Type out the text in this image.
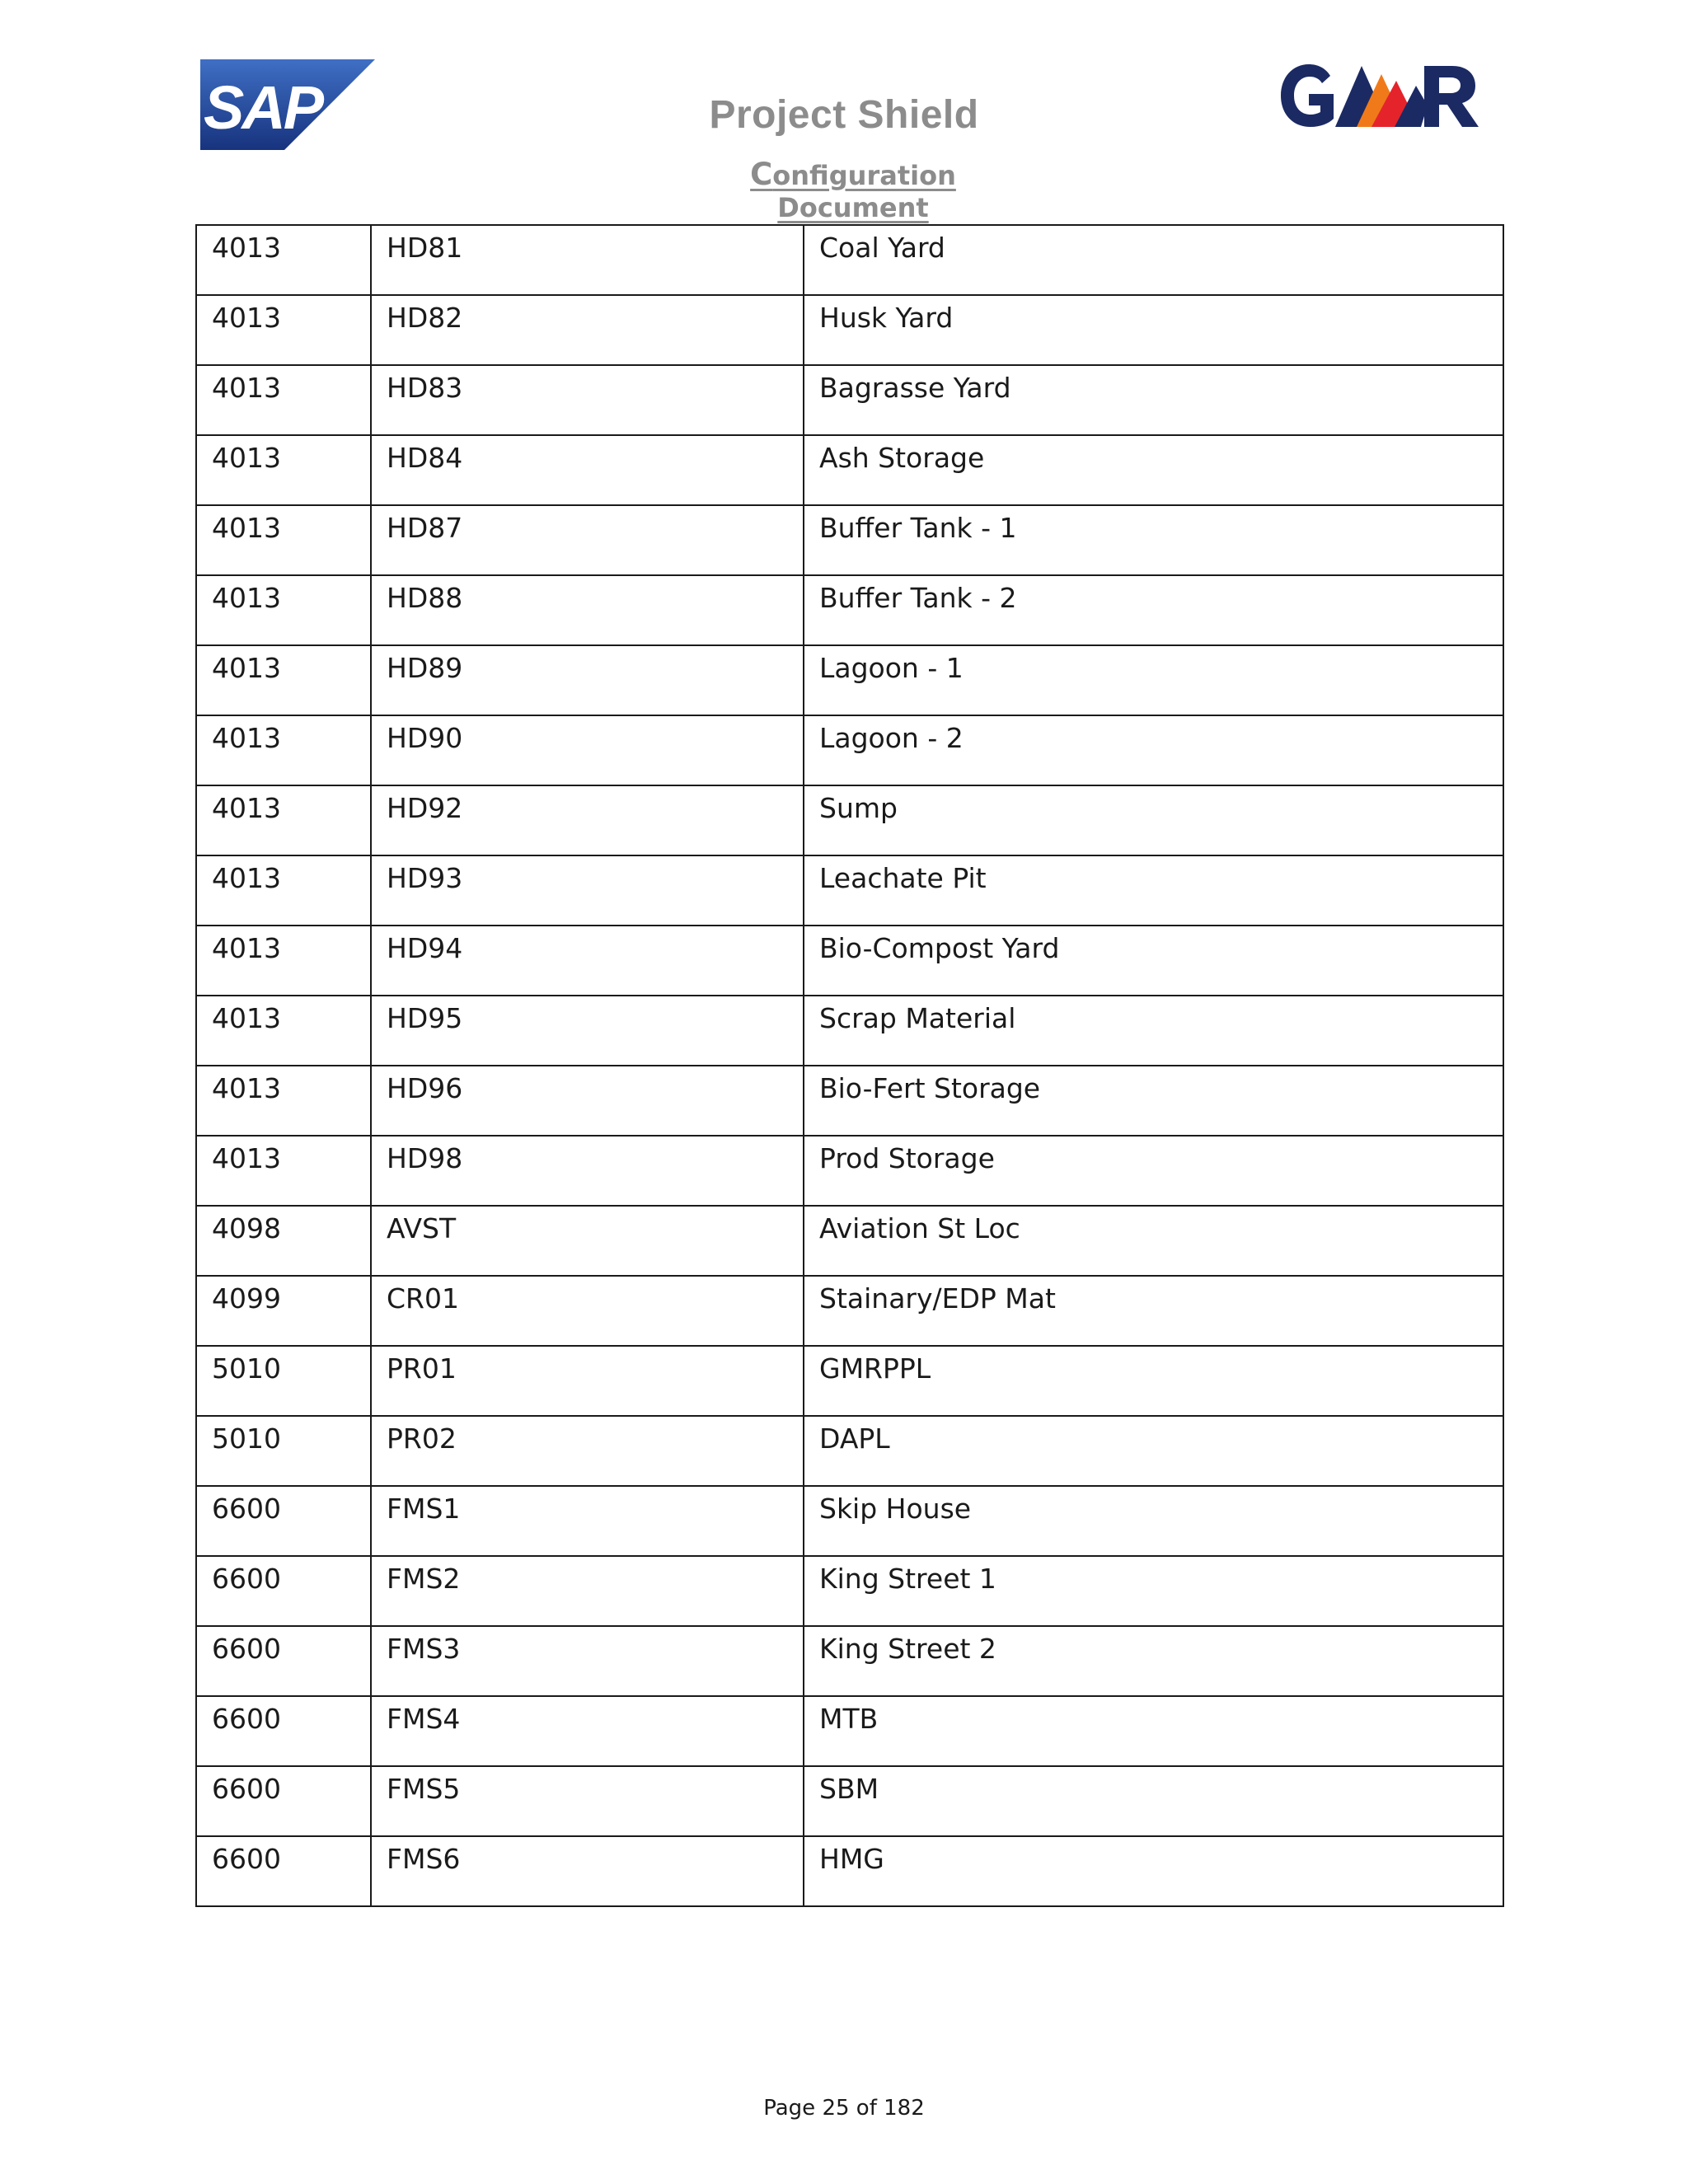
SAP	Project Shield
Configuration Document
4013	HD81	Coal Yard

4013	HD82	Husk Yard

4013	HD83	Bagrasse Yard

4013	HD84	Ash Storage

4013	HD87	Buffer Tank - 1

4013	HD88	Buffer Tank - 2

4013	HD89	Lagoon - 1

4013	HD90	Lagoon - 2

4013	HD92	Sump

4013	HD93	Leachate Pit

4013	HD94	Bio-Compost Yard

4013	HD95	Scrap Material

4013	HD96	Bio-Fert Storage

4013	HD98	Prod Storage

4098	AVST	Aviation St Loc

4099	CR01	Stainary/EDP Mat

5010	PR01	GMRPPL

5010	PR02	DAPL

6600	FMS1	Skip House

6600	FMS2	King Street 1

6600	FMS3	King Street 2

6600	FMS4	MTB

6600	FMS5	SBM

6600	FMS6	HMG
Page 25 of 182
